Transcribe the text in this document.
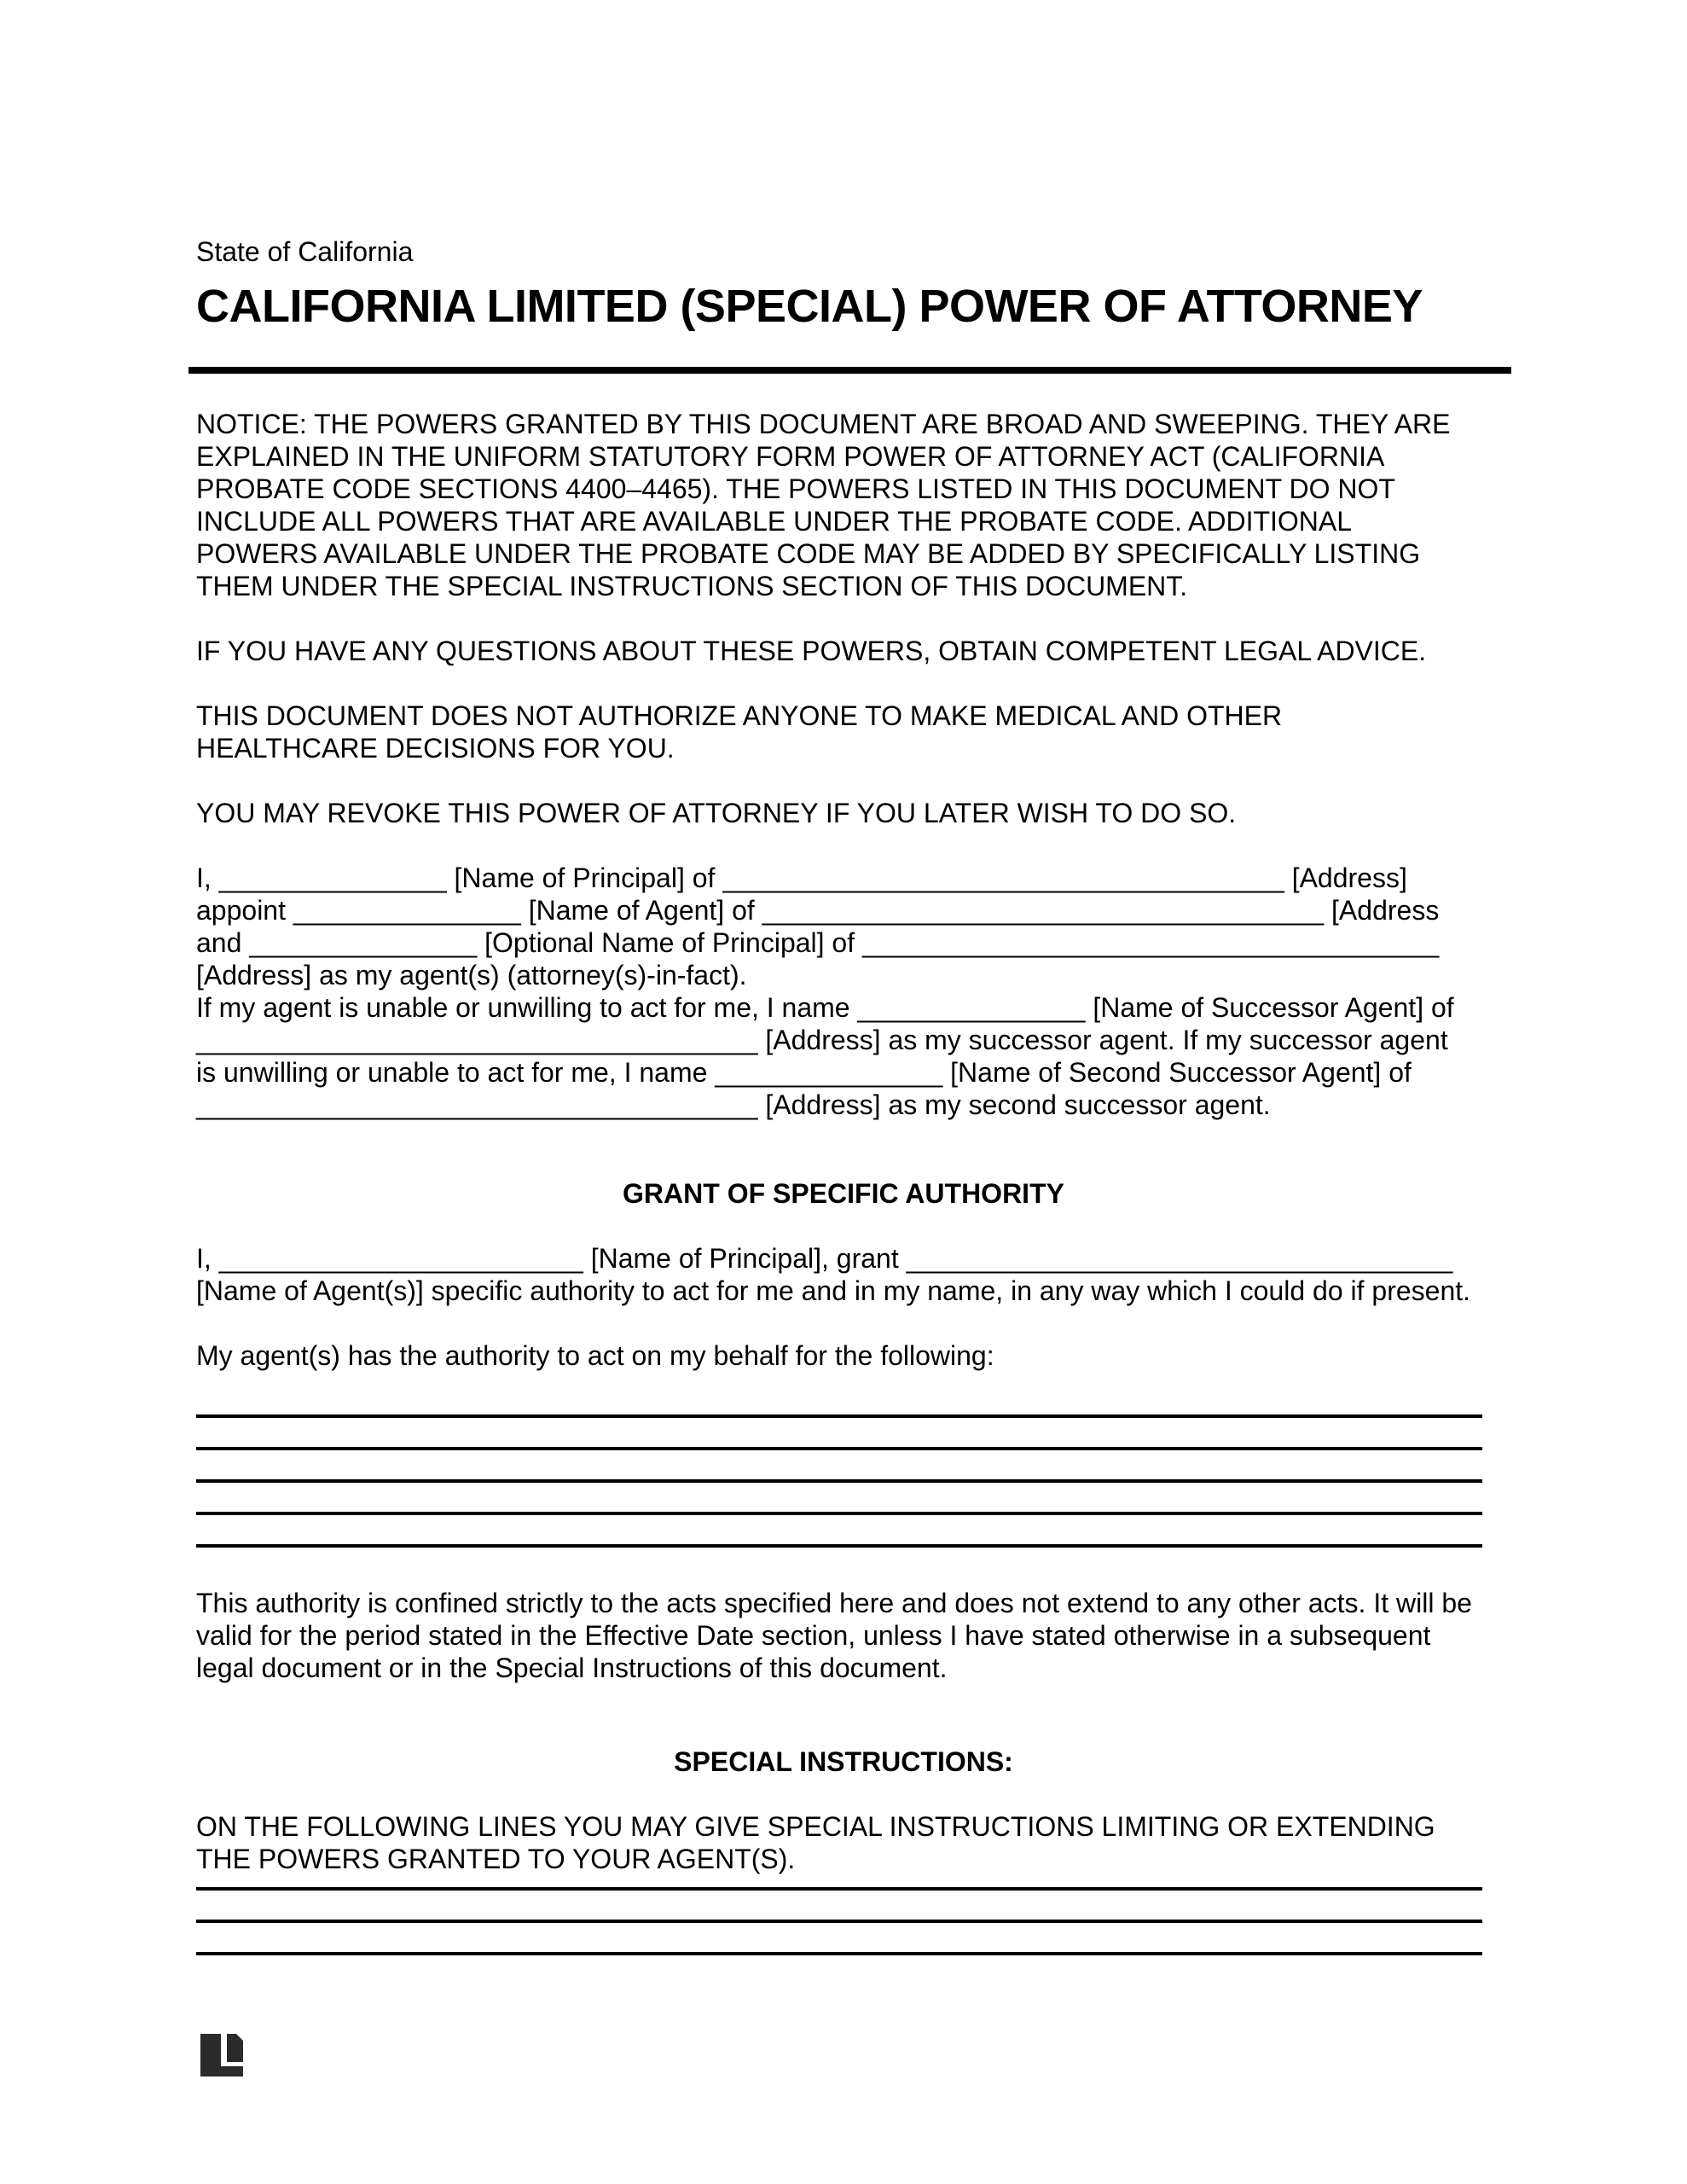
State of California
CALIFORNIA LIMITED (SPECIAL) POWER OF ATTORNEY
NOTICE: THE POWERS GRANTED BY THIS DOCUMENT ARE BROAD AND SWEEPING. THEY ARE
EXPLAINED IN THE UNIFORM STATUTORY FORM POWER OF ATTORNEY ACT (CALIFORNIA
PROBATE CODE SECTIONS 4400–4465). THE POWERS LISTED IN THIS DOCUMENT DO NOT
INCLUDE ALL POWERS THAT ARE AVAILABLE UNDER THE PROBATE CODE. ADDITIONAL
POWERS AVAILABLE UNDER THE PROBATE CODE MAY BE ADDED BY SPECIFICALLY LISTING
THEM UNDER THE SPECIAL INSTRUCTIONS SECTION OF THIS DOCUMENT.
IF YOU HAVE ANY QUESTIONS ABOUT THESE POWERS, OBTAIN COMPETENT LEGAL ADVICE.
THIS DOCUMENT DOES NOT AUTHORIZE ANYONE TO MAKE MEDICAL AND OTHER
HEALTHCARE DECISIONS FOR YOU.
YOU MAY REVOKE THIS POWER OF ATTORNEY IF YOU LATER WISH TO DO SO.
I, _______________ [Name of Principal] of _____________________________________ [Address]
appoint _______________ [Name of Agent] of _____________________________________ [Address
and _______________ [Optional Name of Principal] of ______________________________________
[Address] as my agent(s) (attorney(s)-in-fact).
If my agent is unable or unwilling to act for me, I name _______________ [Name of Successor Agent] of
_____________________________________ [Address] as my successor agent. If my successor agent
is unwilling or unable to act for me, I name _______________ [Name of Second Successor Agent] of
_____________________________________ [Address] as my second successor agent.
GRANT OF SPECIFIC AUTHORITY
I, ________________________ [Name of Principal], grant ____________________________________
[Name of Agent(s)] specific authority to act for me and in my name, in any way which I could do if present.
My agent(s) has the authority to act on my behalf for the following:
This authority is confined strictly to the acts specified here and does not extend to any other acts. It will be
valid for the period stated in the Effective Date section, unless I have stated otherwise in a subsequent
legal document or in the Special Instructions of this document.
SPECIAL INSTRUCTIONS:
ON THE FOLLOWING LINES YOU MAY GIVE SPECIAL INSTRUCTIONS LIMITING OR EXTENDING
THE POWERS GRANTED TO YOUR AGENT(S).
